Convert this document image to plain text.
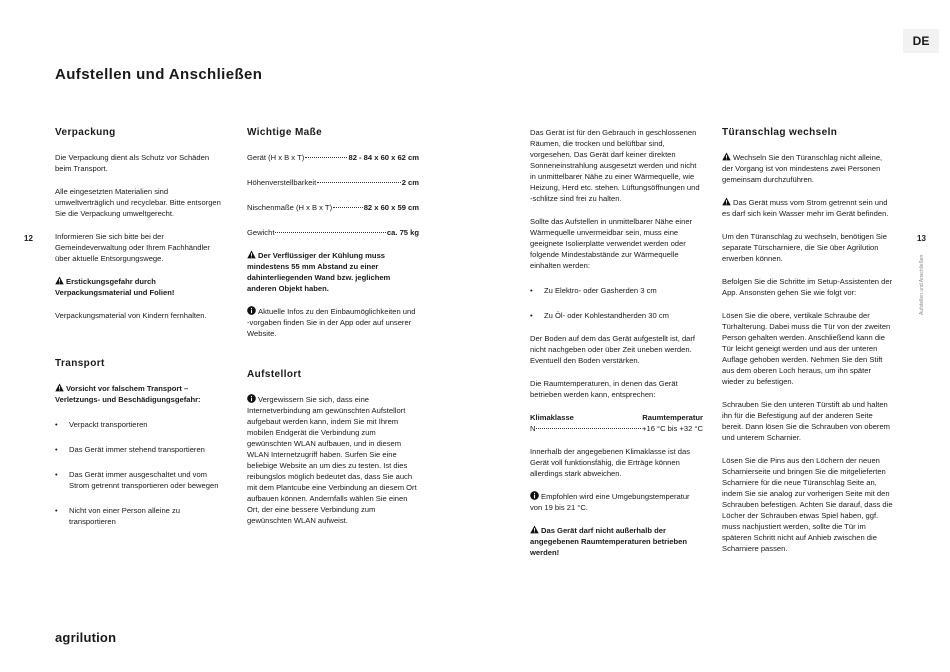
DE
12	13
Aufstellen und Anschließen
Aufstellen und Anschließen
Verpackung

Die Verpackung dient als Schutz vor Schäden beim Transport.

Alle eingesetzten Materialien sind umweltverträglich und recyclebar. Bitte entsorgen Sie die Verpackung umweltgerecht.

Informieren Sie sich bitte bei der Gemeindeverwaltung oder Ihrem Fachhändler über aktuelle Entsorgungswege.

Erstickungsgefahr durch Verpackungsmaterial und Folien!

Verpackungsmaterial von Kindern fernhalten.

Transport

Vorsicht vor falschem Transport – Verletzungs- und Beschädigungsgefahr:

• Verpackt transportieren
• Das Gerät immer stehend transportieren
• Das Gerät immer ausgeschaltet und vom Strom getrennt transportieren oder bewegen
• Nicht von einer Person alleine zu transportieren
Wichtige Maße
Gerät (H x B x T)	82 - 84 x 60 x 62 cm
Höhenverstellbarkeit	2 cm
Nischenmaße (H x B x T)	82 x 60 x 59 cm
Gewicht	ca. 75 kg

Der Verflüssiger der Kühlung muss mindestens 55 mm Abstand zu einer dahinterliegenden Wand bzw. jeglichem anderen Objekt haben.

Aktuelle Infos zu den Einbaumöglichkeiten und -vorgaben finden Sie in der App oder auf unserer Website.

Aufstellort

Vergewissern Sie sich, dass eine Internetverbindung am gewünschten Aufstellort aufgebaut werden kann, indem Sie mit Ihrem mobilen Endgerät die Verbindung zum gewünschten WLAN aufbauen, und in diesem WLAN Internetzugriff haben. Surfen Sie eine beliebige Website an um dies zu testen. Ist dies reibungslos möglich bedeutet das, dass Sie auch mit dem Plantcube eine Verbindung an diesem Ort aufbauen können. Andernfalls wählen Sie einen Ort, der eine bessere Verbindung zum gewünschten WLAN aufweist.

Das Gerät ist für den Gebrauch in geschlossenen Räumen, die trocken und belüftbar sind, vorgesehen. Das Gerät darf keiner direkten Sonneneinstrahlung ausgesetzt werden und nicht in unmittelbarer Nähe zu einer Wärmequelle, wie Heizung, Herd etc. stehen. Lüftungsöffnungen und -schlitze sind frei zu halten.

Sollte das Aufstellen in unmittelbarer Nähe einer Wärmequelle unvermeidbar sein, muss eine geeignete Isolierplatte verwendet werden oder folgende Mindestabstände zur Wärmequelle einhalten werden:

• Zu Elektro- oder Gasherden 3 cm
• Zu Öl- oder Kohlestandherden 30 cm

Der Boden auf dem das Gerät aufgestellt ist, darf nicht nachgeben oder über Zeit uneben werden. Eventuell den Boden verstärken.

Die Raumtemperaturen, in denen das Gerät betrieben werden kann, entsprechen:

Klimaklasse	Raumtemperatur
N	+16 °C bis +32 °C

Innerhalb der angegebenen Klimaklasse ist das Gerät voll funktionsfähig, die Erträge können allerdings stark abweichen.

Empfohlen wird eine Umgebungstemperatur von 19 bis 21 °C.

Das Gerät darf nicht außerhalb der angegebenen Raumtemperaturen betrieben werden!

Türanschlag wechseln

Wechseln Sie den Türanschlag nicht alleine, der Vorgang ist von mindestens zwei Personen gemeinsam durchzuführen.

Das Gerät muss vom Strom getrennt sein und es darf sich kein Wasser mehr im Gerät befinden.

Um den Türanschlag zu wechseln, benötigen Sie separate Türscharniere, die Sie über Agrilution erwerben können.

Befolgen Sie die Schritte im Setup-Assistenten der App. Ansonsten gehen Sie wie folgt vor:

Lösen Sie die obere, vertikale Schraube der Türhalterung. Dabei muss die Tür von der zweiten Person gehalten werden. Anschließend kann die Tür leicht geneigt werden und aus der unteren Auflage gehoben werden. Nehmen Sie den Stift aus dem oberen Loch heraus, um ihn später wieder zu befestigen.

Schrauben Sie den unteren Türstift ab und halten ihn für die Befestigung auf der anderen Seite bereit. Dann lösen Sie die Schrauben von oberem und unterem Scharnier.

Lösen Sie die Pins aus den Löchern der neuen Scharnierseite und bringen Sie die mitgelieferten Scharniere für die neue Türanschlag Seite an, indem Sie sie analog zur vorherigen Seite mit den Schrauben befestigen. Achten Sie darauf, dass die Löcher der Schrauben etwas Spiel haben, ggf. muss nachjustiert werden, sollte die Tür im späteren Schritt nicht auf Anhieb zwischen die Scharniere passen.

agrilution
